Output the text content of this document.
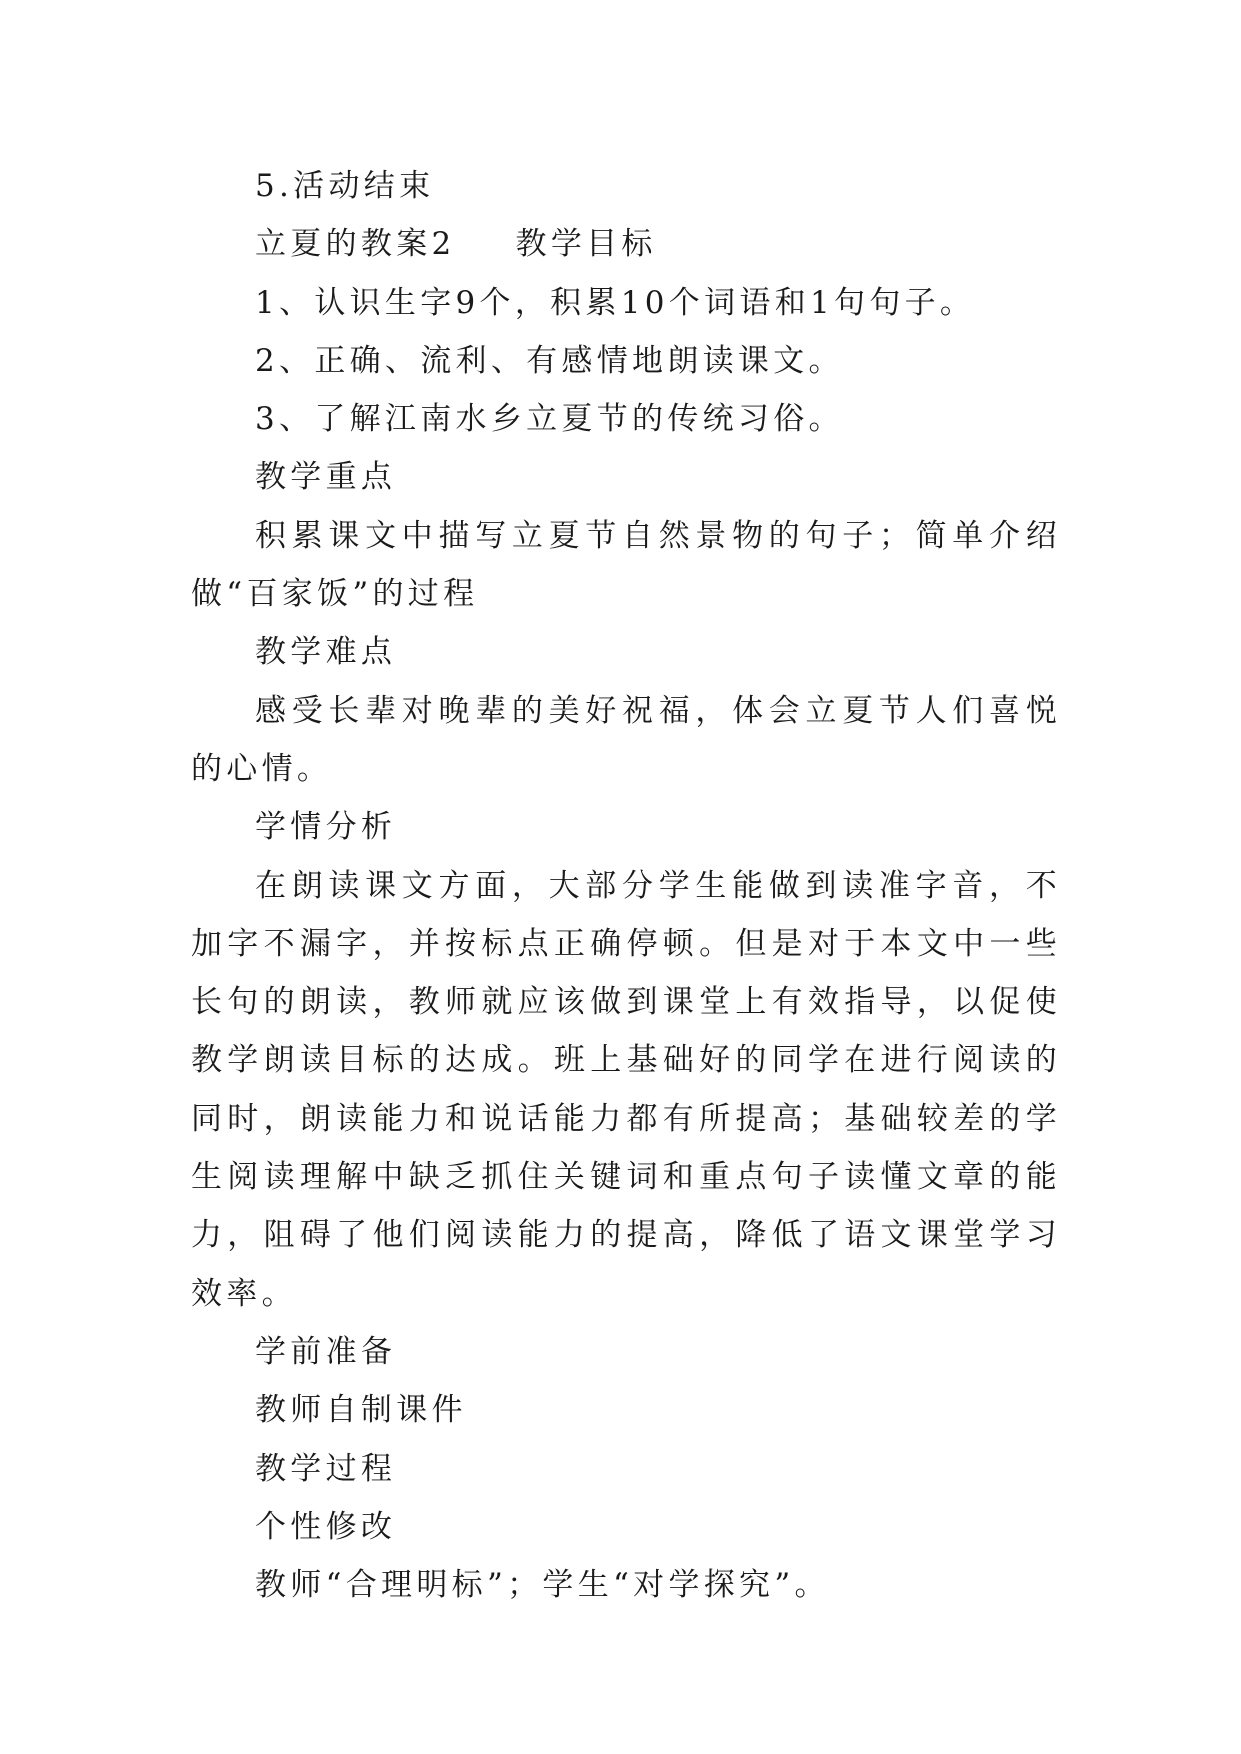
5.活动结束

立夏的教案2 教学目标

1、认识生字9个，积累10个词语和1句句子。

2、正确、流利、有感情地朗读课文。

3、了解江南水乡立夏节的传统习俗。

教学重点

积累课文中描写立夏节自然景物的句子；简单介绍做“百家饭”的过程

教学难点

感受长辈对晚辈的美好祝福，体会立夏节人们喜悦的心情。

学情分析

在朗读课文方面，大部分学生能做到读准字音，不加字不漏字，并按标点正确停顿。但是对于本文中一些长句的朗读，教师就应该做到课堂上有效指导，以促使教学朗读目标的达成。班上基础好的同学在进行阅读的同时，朗读能力和说话能力都有所提高；基础较差的学生阅读理解中缺乏抓住关键词和重点句子读懂文章的能力，阻碍了他们阅读能力的提高，降低了语文课堂学习效率。

学前准备

教师自制课件

教学过程

个性修改

教师“合理明标”；学生“对学探究”。
